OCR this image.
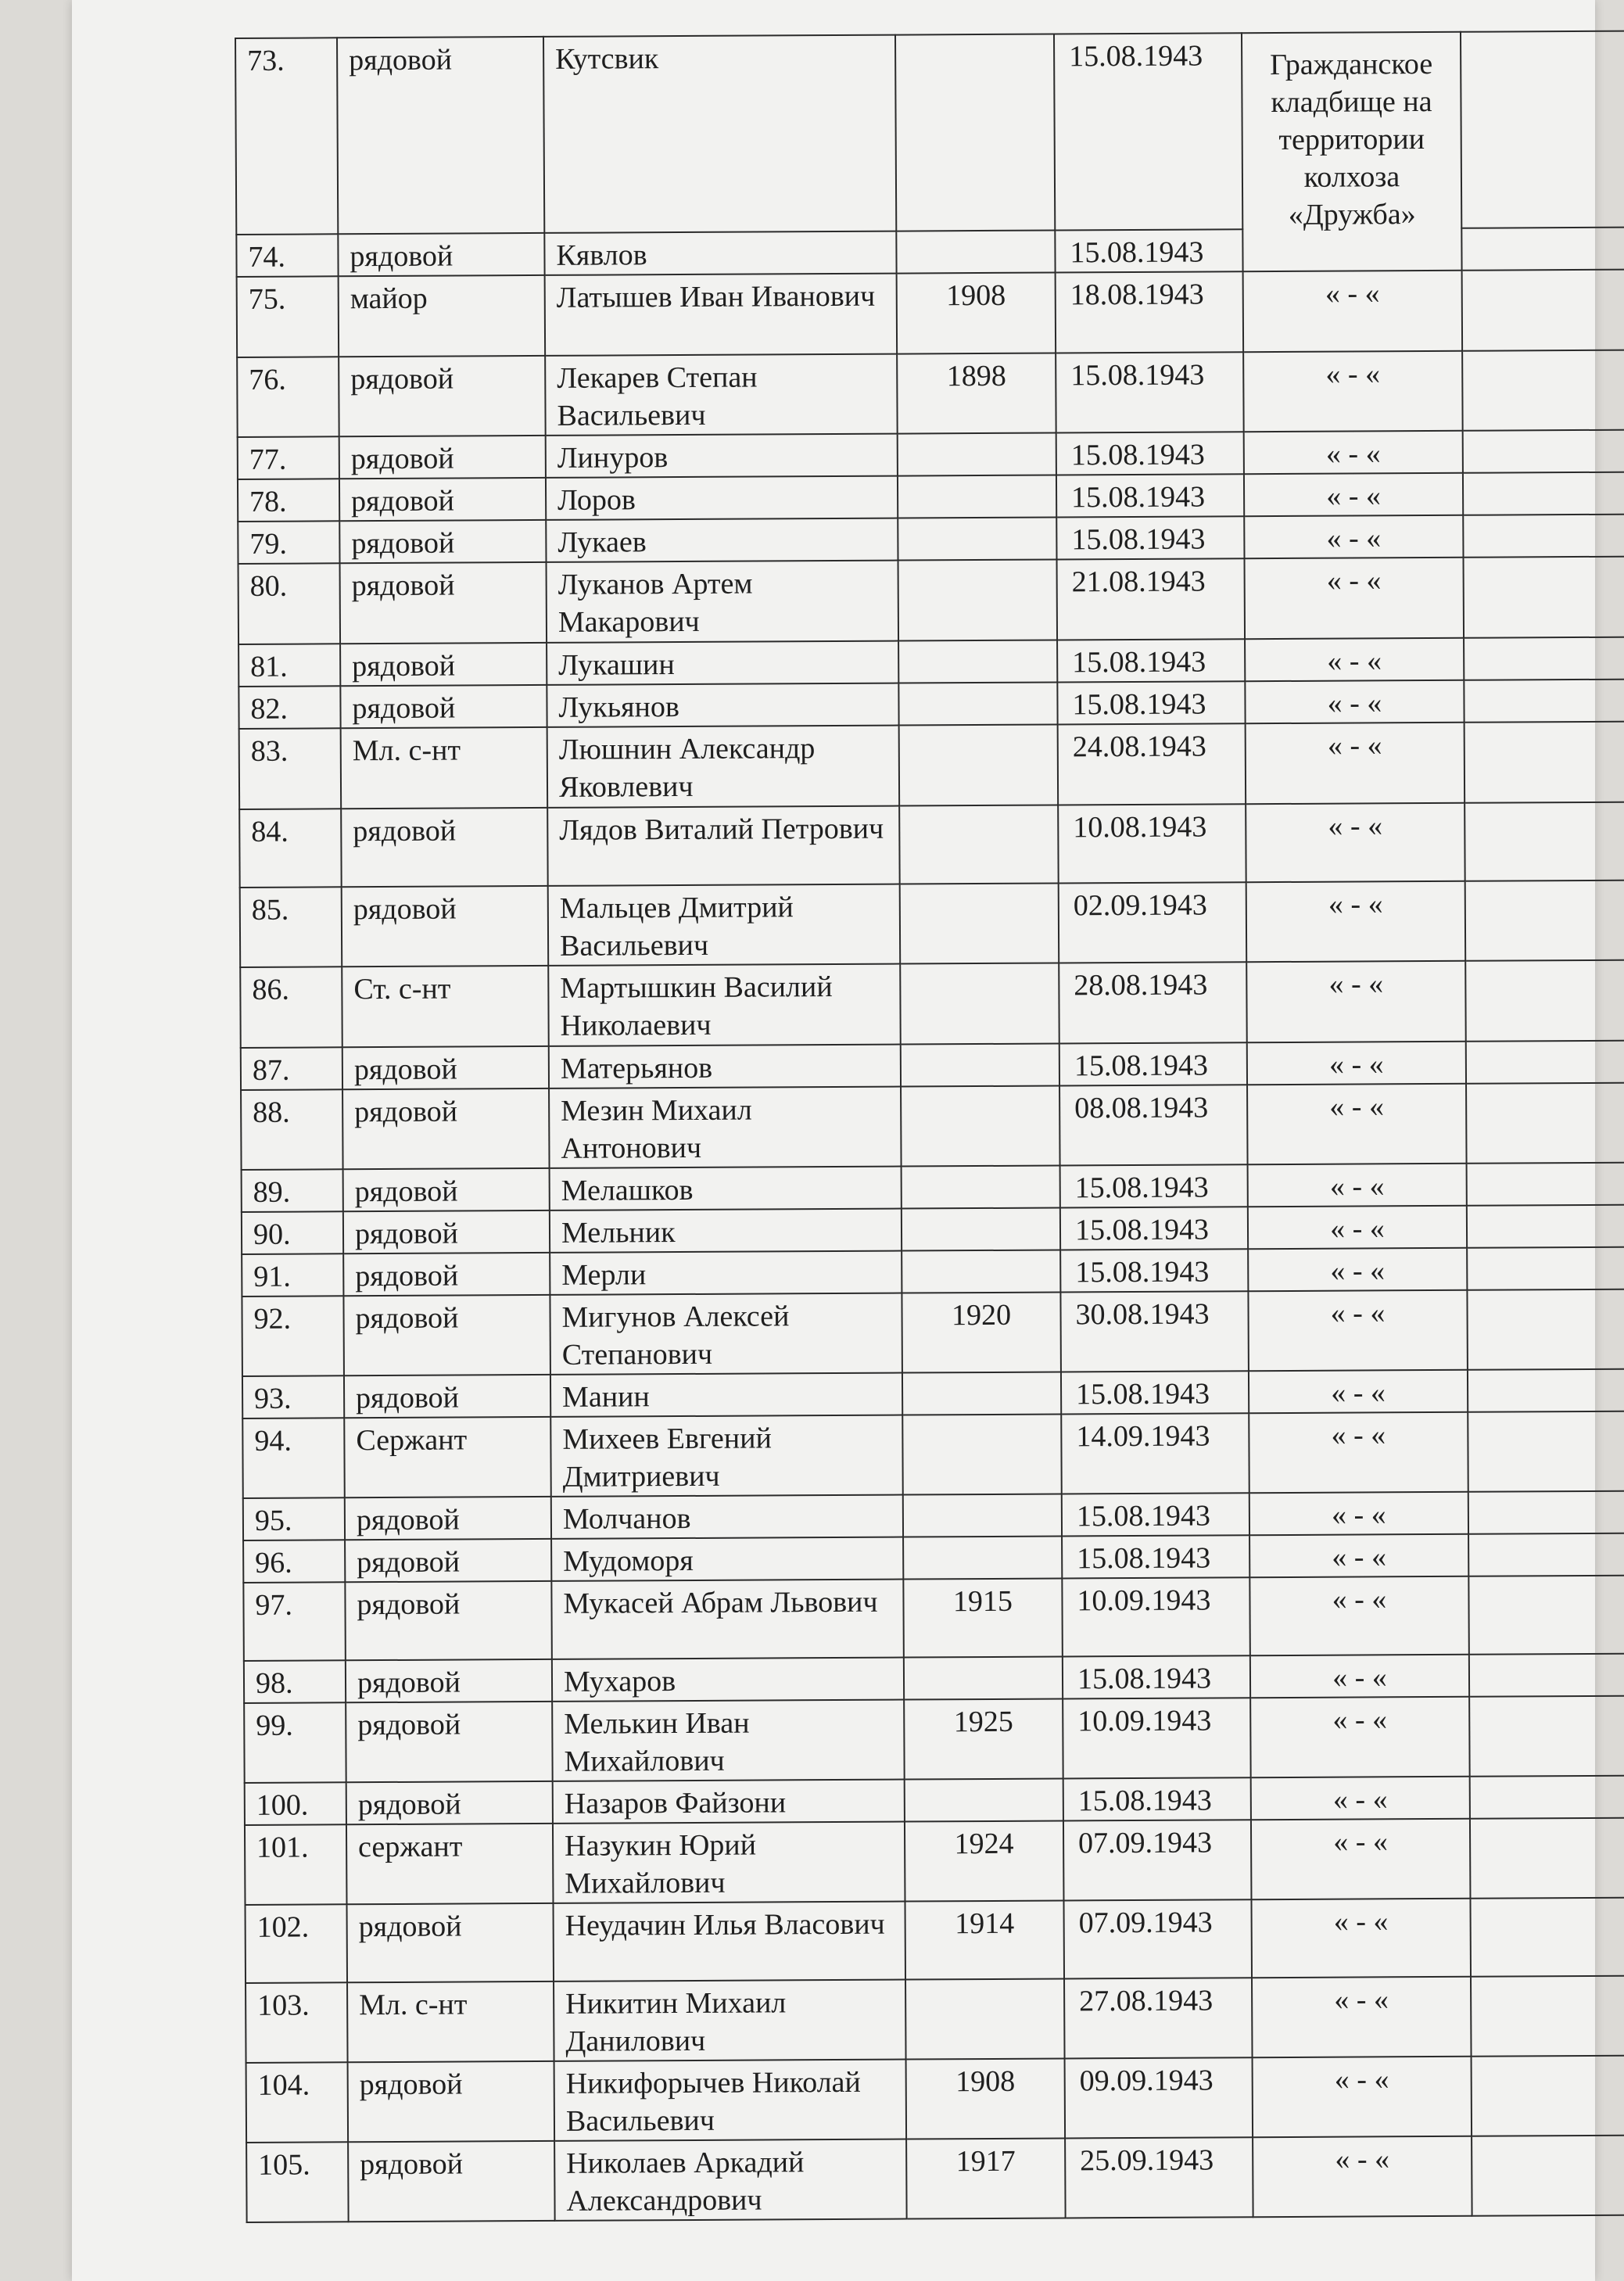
73.	рядовой	Кутсвик		15.08.1943	Гражданское кладбище на территории колхоза «Дружба»	
74.	рядовой	Кявлов		15.08.1943		
75.	майор	Латышев Иван Иванович	1908	18.08.1943	« - «	
76.	рядовой	Лекарев Степан Васильевич	1898	15.08.1943	« - «	
77.	рядовой	Линуров		15.08.1943	« - «	
78.	рядовой	Лоров		15.08.1943	« - «	
79.	рядовой	Лукаев		15.08.1943	« - «	
80.	рядовой	Луканов Артем Макарович		21.08.1943	« - «	
81.	рядовой	Лукашин		15.08.1943	« - «	
82.	рядовой	Лукьянов		15.08.1943	« - «	
83.	Мл. с-нт	Люшнин Александр Яковлевич		24.08.1943	« - «	
84.	рядовой	Лядов Виталий Петрович		10.08.1943	« - «	
85.	рядовой	Мальцев Дмитрий Васильевич		02.09.1943	« - «	
86.	Ст. с-нт	Мартышкин Василий Николаевич		28.08.1943	« - «	
87.	рядовой	Матерьянов		15.08.1943	« - «	
88.	рядовой	Мезин Михаил Антонович		08.08.1943	« - «	
89.	рядовой	Мелашков		15.08.1943	« - «	
90.	рядовой	Мельник		15.08.1943	« - «	
91.	рядовой	Мерли		15.08.1943	« - «	
92.	рядовой	Мигунов Алексей Степанович	1920	30.08.1943	« - «	
93.	рядовой	Манин		15.08.1943	« - «	
94.	Сержант	Михеев Евгений Дмитриевич		14.09.1943	« - «	
95.	рядовой	Молчанов		15.08.1943	« - «	
96.	рядовой	Мудоморя		15.08.1943	« - «	
97.	рядовой	Мукасей Абрам Львович	1915	10.09.1943	« - «	
98.	рядовой	Мухаров		15.08.1943	« - «	
99.	рядовой	Мелькин Иван Михайлович	1925	10.09.1943	« - «	
100.	рядовой	Назаров Файзони		15.08.1943	« - «	
101.	сержант	Назукин Юрий Михайлович	1924	07.09.1943	« - «	
102.	рядовой	Неудачин Илья Власович	1914	07.09.1943	« - «	
103.	Мл. с-нт	Никитин Михаил Данилович		27.08.1943	« - «	
104.	рядовой	Никифорычев Николай Васильевич	1908	09.09.1943	« - «	
105.	рядовой	Николаев Аркадий Александрович	1917	25.09.1943	« - «	
